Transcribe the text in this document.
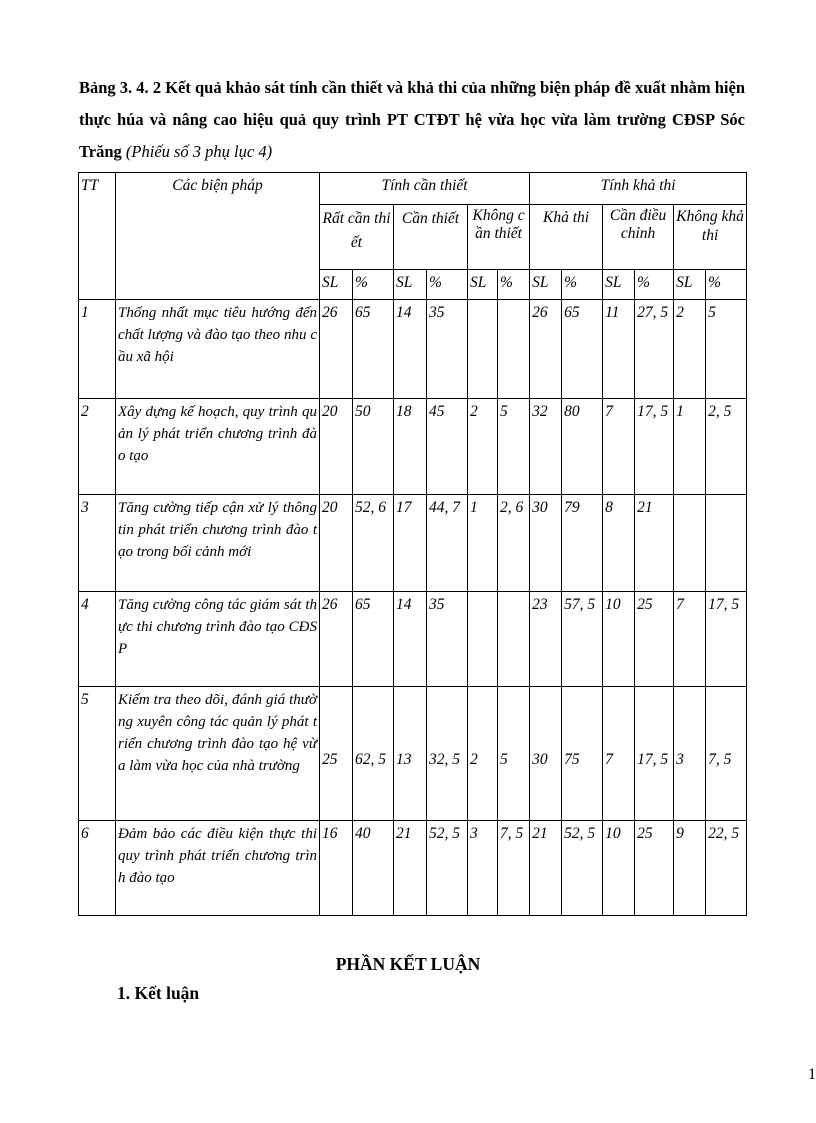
Bảng 3. 4. 2 Kết quả khảo sát tính cần thiết và khả thi của những biện pháp đề xuất nhằm hiện thực húa và nâng cao hiệu quả quy trình PT CTĐT hệ vừa học vừa làm trường CĐSP Sóc Trăng (Phiếu số 3 phụ lục 4)
TT	Các biện pháp	Tính cần thiết						Tính khả thi					
		Rất cần thiết		Cần thiết		Không cần thiết		Khả thi		Cần điều chỉnh		Không khả thi	
		SL	%	SL	%	SL	%	SL	%	SL	%	SL	%
1	Thống nhất mục tiêu hướng đến chất lượng và đào tạo theo nhu cầu xã hội	26	65	14	35			26	65	11	27, 5	2	5
2	Xây dựng kế hoạch, quy trình quản lý phát triển chương trình đào tạo	20	50	18	45	2	5	32	80	7	17, 5	1	2, 5
3	Tăng cường tiếp cận xử lý thông tin phát triển chương trình đào tạo trong bối cảnh mới	20	52, 6	17	44, 7	1	2, 6	30	79	8	21		
4	Tăng cường công tác giám sát thực thi chương trình đào tạo CĐSP	26	65	14	35			23	57, 5	10	25	7	17, 5
5	Kiểm tra theo dõi, đánh giá thường xuyên công tác quản lý phát triển chương trình đào tạo hệ vừa làm vừa học của nhà trường	25	62, 5	13	32, 5	2	5	30	75	7	17, 5	3	7, 5
6	Đảm bảo các điều kiện thực thi quy trình phát triển chương trình đào tạo	16	40	21	52, 5	3	7, 5	21	52, 5	10	25	9	22, 5
PHẦN KẾT LUẬN
1. Kết luận
1
